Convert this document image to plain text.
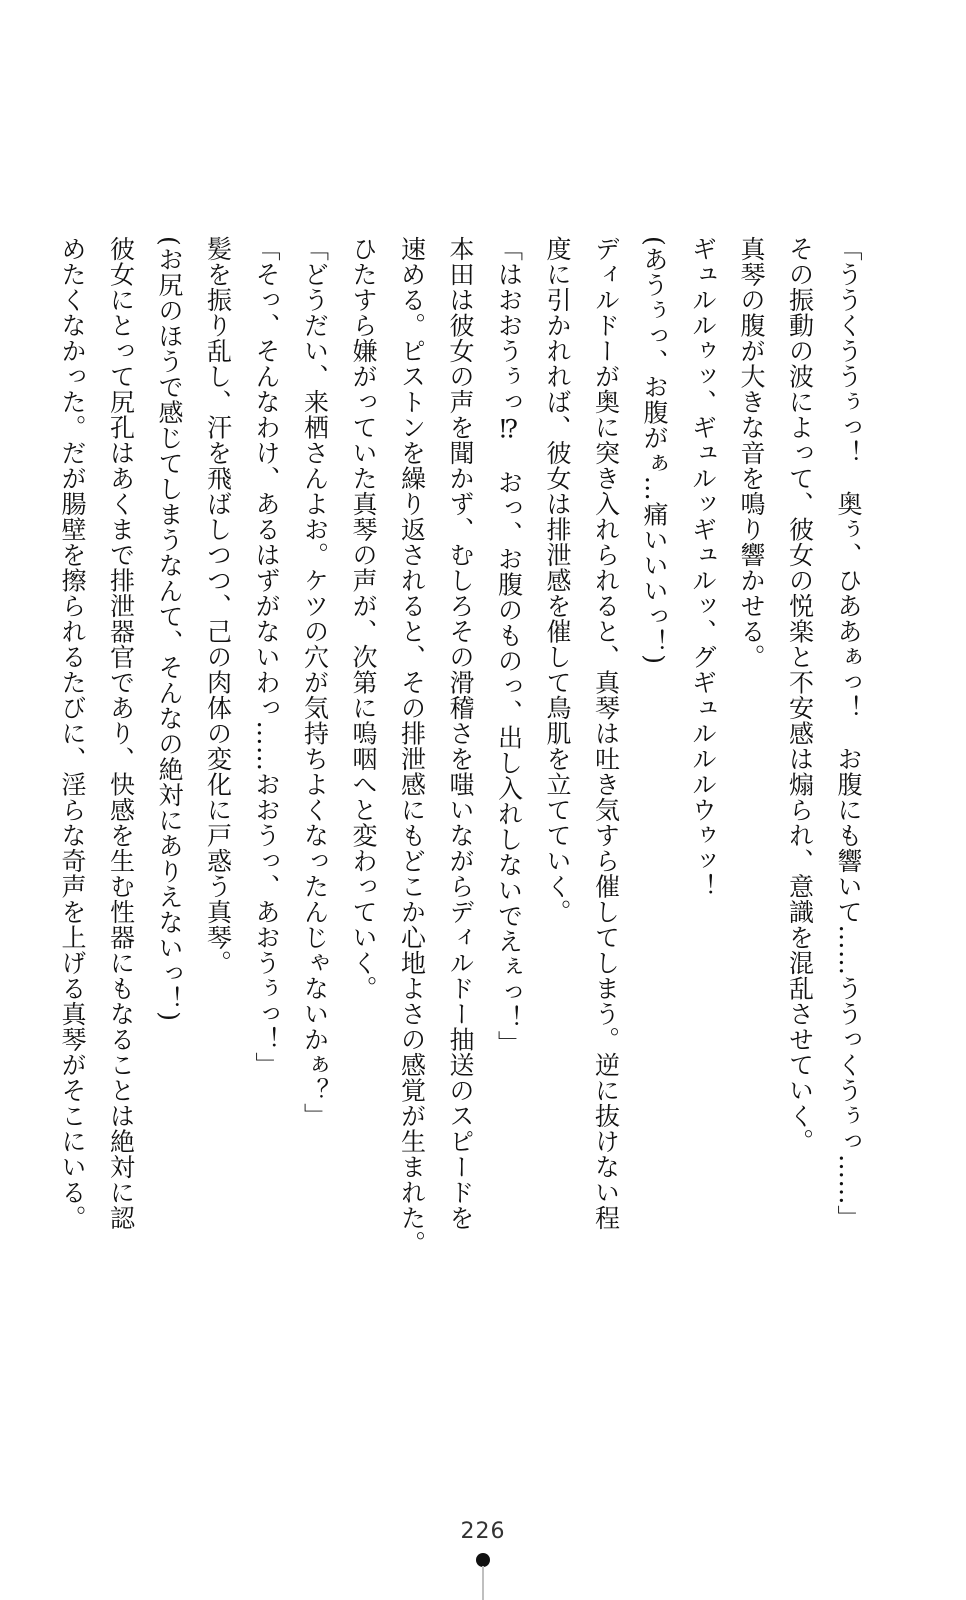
「ううくううぅっ！　奥ぅ、ひああぁっ！　お腹にも響いて……ううっくうぅっ……」
その振動の波によって、彼女の悦楽と不安感は煽られ、意識を混乱させていく。
真琴の腹が大きな音を鳴り響かせる。
ギュルルゥッ、ギュルッギュルッ、グギュルルルウゥッ！
(あうぅっ、お腹がぁ…痛いいいっ！)
ディルドーが奥に突き入れられると、真琴は吐き気すら催してしまう。逆に抜けない程
度に引かれれば、彼女は排泄感を催して鳥肌を立てていく。
「はおおうぅっ⁉　おっ、お腹のものっ、出し入れしないでえぇっ！」
本田は彼女の声を聞かず、むしろその滑稽さを嗤いながらディルドー抽送のスピードを
速める。ピストンを繰り返されると、その排泄感にもどこか心地よさの感覚が生まれた。
ひたすら嫌がっていた真琴の声が、次第に嗚咽へと変わっていく。
「どうだい、来栖さんよお。ケツの穴が気持ちよくなったんじゃないかぁ？」
「そっ、そんなわけ、あるはずがないわっ……おおうっ、あおうぅっ！」
髪を振り乱し、汗を飛ばしつつ、己の肉体の変化に戸惑う真琴。
(お尻のほうで感じてしまうなんて、そんなの絶対にありえないっ！)
彼女にとって尻孔はあくまで排泄器官であり、快感を生む性器にもなることは絶対に認
めたくなかった。だが腸壁を擦られるたびに、淫らな奇声を上げる真琴がそこにいる。
226
